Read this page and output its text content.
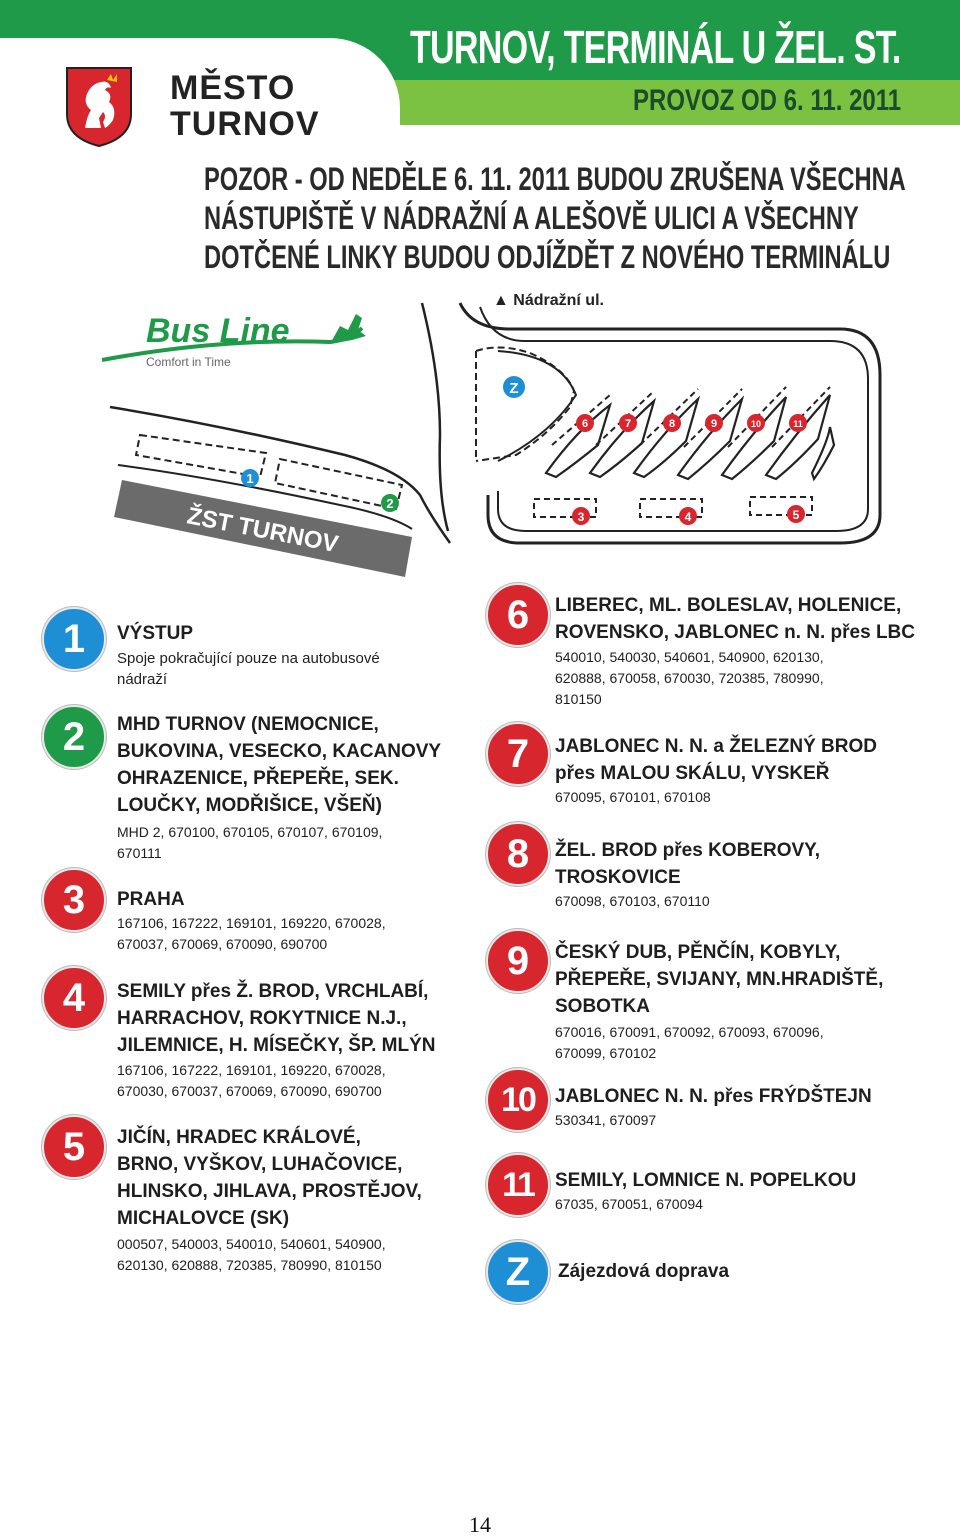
TURNOV, TERMINÁL U ŽEL. ST.
PROVOZ OD 6. 11. 2011
MĚSTO
TURNOV
POZOR - OD NEDĚLE 6. 11. 2011 BUDOU ZRUŠENA VŠECHNA
NÁSTUPIŠTĚ V NÁDRAŽNÍ A ALEŠOVĚ ULICI A VŠECHNY
DOTČENÉ LINKY BUDOU ODJÍŽDĚT Z NOVÉHO TERMINÁLU
Bus Line
Comfort in Time
▲ Nádražní ul.
ŽST TURNOV
1
2
3	4	5
6	7	8	9	10	11
Z
1	VÝSTUP
Spoje pokračující pouze na autobusové
nádraží
2	MHD TURNOV (NEMOCNICE,
BUKOVINA, VESECKO, KACANOVY
OHRAZENICE, PŘEPEŘE, SEK.
LOUČKY, MODŘIŠICE, VŠEŇ)
MHD 2, 670100, 670105, 670107, 670109,
670111
3	PRAHA
167106, 167222, 169101, 169220, 670028,
670037, 670069, 670090, 690700
4	SEMILY přes Ž. BROD, VRCHLABÍ,
HARRACHOV, ROKYTNICE N.J.,
JILEMNICE, H. MÍSEČKY, ŠP. MLÝN
167106, 167222, 169101, 169220, 670028,
670030, 670037, 670069, 670090, 690700
5	JIČÍN, HRADEC KRÁLOVÉ,
BRNO, VYŠKOV, LUHAČOVICE,
HLINSKO, JIHLAVA, PROSTĚJOV,
MICHALOVCE (SK)
000507, 540003, 540010, 540601, 540900,
620130, 620888, 720385, 780990, 810150
6	LIBEREC, ML. BOLESLAV, HOLENICE,
ROVENSKO, JABLONEC n. N. přes LBC
540010, 540030, 540601, 540900, 620130,
620888, 670058, 670030, 720385, 780990,
810150
7	JABLONEC N. N. a ŽELEZNÝ BROD
přes MALOU SKÁLU, VYSKEŘ
670095, 670101, 670108
8	ŽEL. BROD přes KOBEROVY,
TROSKOVICE
670098, 670103, 670110
9	ČESKÝ DUB, PĚNČÍN, KOBYLY,
PŘEPEŘE, SVIJANY, MN.HRADIŠTĚ,
SOBOTKA
670016, 670091, 670092, 670093, 670096,
670099, 670102
10	JABLONEC N. N. přes FRÝDŠTEJN
530341, 670097
11	SEMILY, LOMNICE N. POPELKOU
67035, 670051, 670094
Z	Zájezdová doprava
14
